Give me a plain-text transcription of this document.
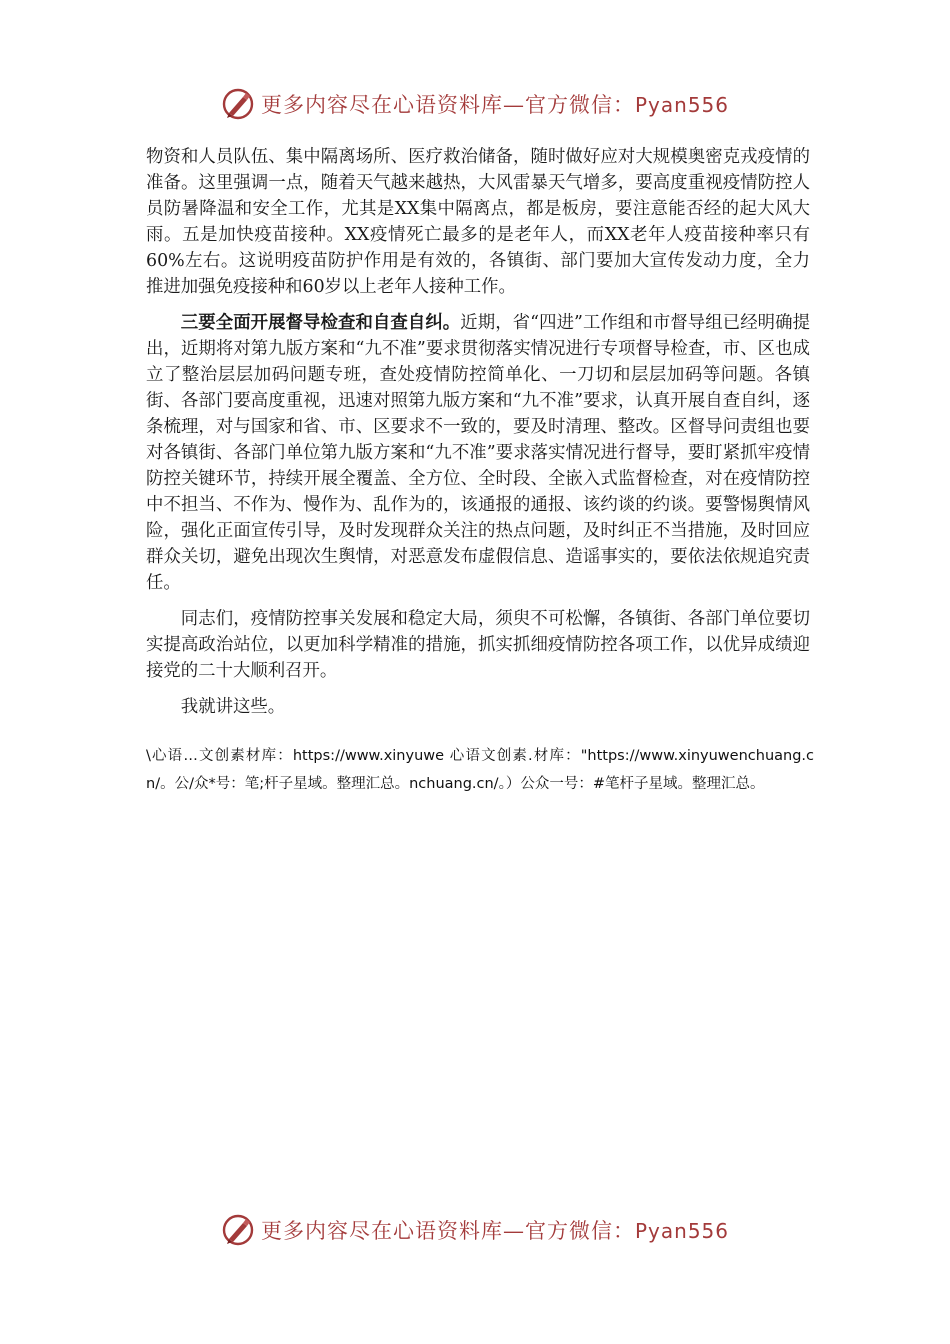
更多内容尽在心语资料库—官方微信：Pyan556

物资和人员队伍、集中隔离场所、医疗救治储备，随时做好应对大规模奥密克戎疫情的准备。这里强调一点，随着天气越来越热，大风雷暴天气增多，要高度重视疫情防控人员防暑降温和安全工作，尤其是XX集中隔离点，都是板房，要注意能否经的起大风大雨。五是加快疫苗接种。XX疫情死亡最多的是老年人，而XX老年人疫苗接种率只有60%左右。这说明疫苗防护作用是有效的，各镇街、部门要加大宣传发动力度，全力推进加强免疫接种和60岁以上老年人接种工作。

三要全面开展督导检查和自查自纠。近期，省“四进”工作组和市督导组已经明确提出，近期将对第九版方案和“九不准”要求贯彻落实情况进行专项督导检查，市、区也成立了整治层层加码问题专班，查处疫情防控简单化、一刀切和层层加码等问题。各镇街、各部门要高度重视，迅速对照第九版方案和“九不准”要求，认真开展自查自纠，逐条梳理，对与国家和省、市、区要求不一致的，要及时清理、整改。区督导问责组也要对各镇街、各部门单位第九版方案和“九不准”要求落实情况进行督导，要盯紧抓牢疫情防控关键环节，持续开展全覆盖、全方位、全时段、全嵌入式监督检查，对在疫情防控中不担当、不作为、慢作为、乱作为的，该通报的通报、该约谈的约谈。要警惕舆情风险，强化正面宣传引导，及时发现群众关注的热点问题，及时纠正不当措施，及时回应群众关切，避免出现次生舆情，对恶意发布虚假信息、造谣事实的，要依法依规追究责任。

同志们，疫情防控事关发展和稳定大局，须臾不可松懈，各镇街、各部门单位要切实提高政治站位，以更加科学精准的措施，抓实抓细疫情防控各项工作，以优异成绩迎接党的二十大顺利召开。

我就讲这些。

\心语…文创素材库：https://www.xinyuwe 心语文创素.材库："https://www.xinyuwenchuang.cn/。公/众*号：笔;杆子星域。整理汇总。nchuang.cn/。）公众一号：#笔杆子星域。整理汇总。
更多内容尽在心语资料库—官方微信：Pyan556
